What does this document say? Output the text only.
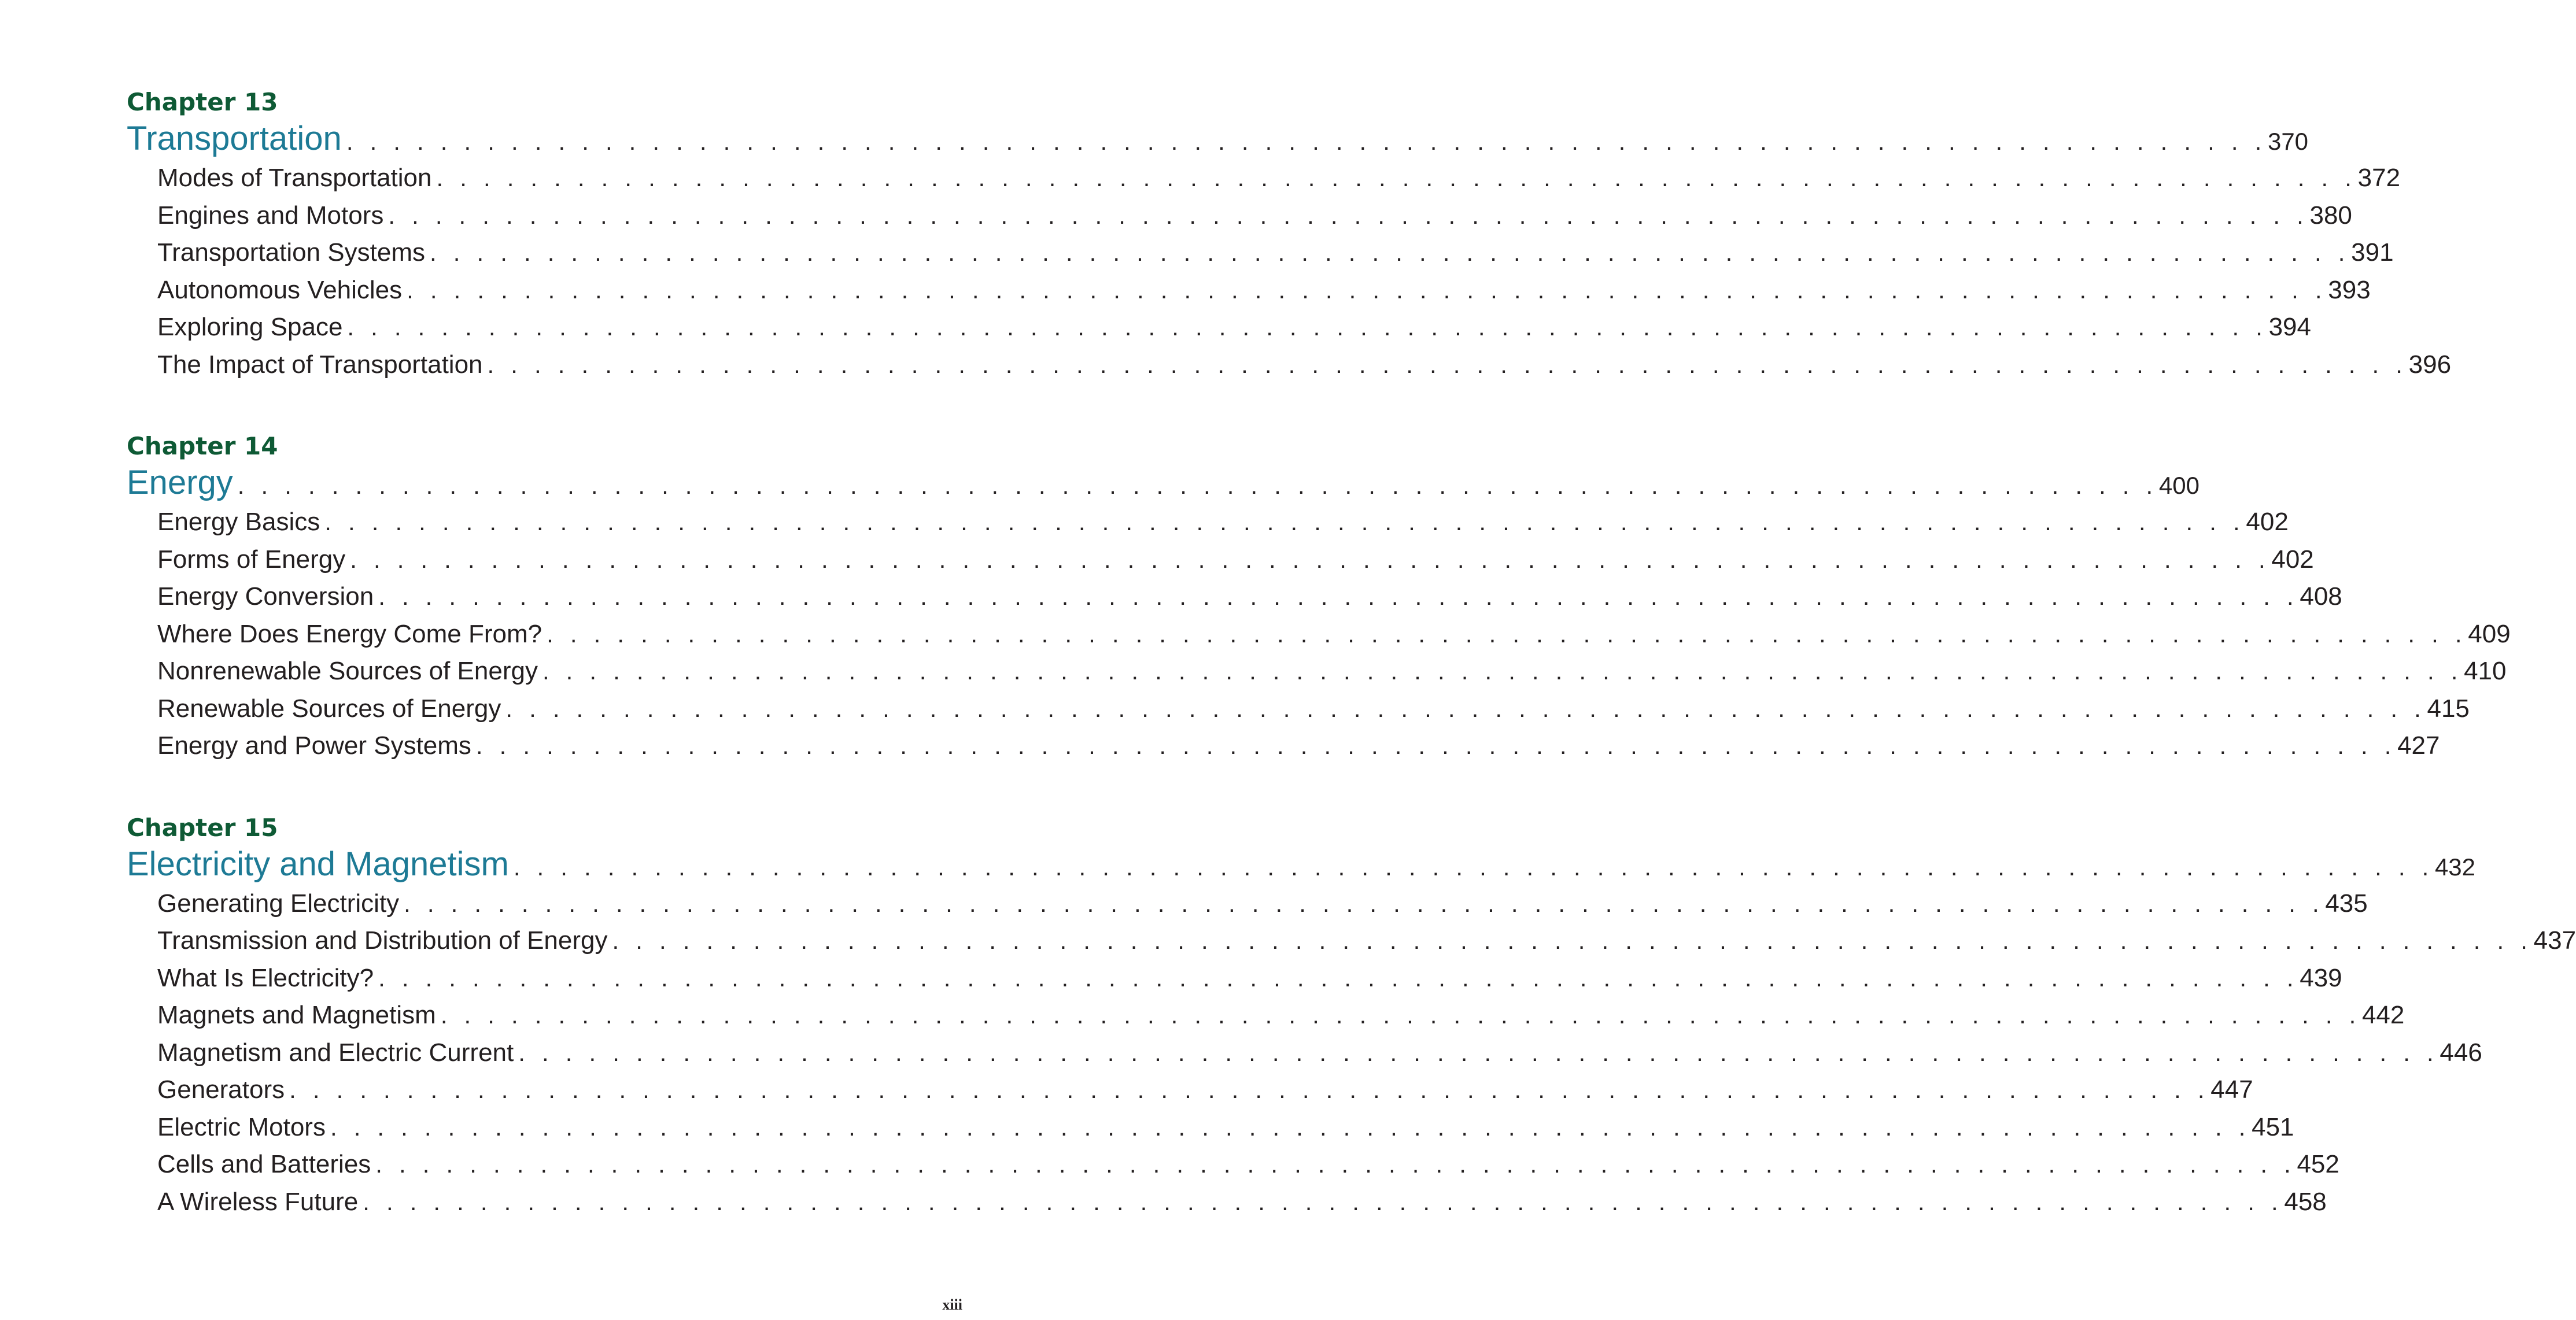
Chapter 13
Transportation . . . . . . . . . . . . . . . . . . . . . . . . . . . . . . . . . . . . . . . . . . . . . . . . . . . . . . . . . . . . . . . . . . . . . . . . . . . . . . . . . . 370
Modes of Transportation . . . . . . . . . . . . . . . . . . . . . . . . . . . . . . . . . . . . . . . . . . . . . . . . . . . . . . . . . . . . . . . . . . . . . . . . . . . . . . . . . . 372
Engines and Motors . . . . . . . . . . . . . . . . . . . . . . . . . . . . . . . . . . . . . . . . . . . . . . . . . . . . . . . . . . . . . . . . . . . . . . . . . . . . . . . . . . 380
Transportation Systems . . . . . . . . . . . . . . . . . . . . . . . . . . . . . . . . . . . . . . . . . . . . . . . . . . . . . . . . . . . . . . . . . . . . . . . . . . . . . . . . . . 391
Autonomous Vehicles . . . . . . . . . . . . . . . . . . . . . . . . . . . . . . . . . . . . . . . . . . . . . . . . . . . . . . . . . . . . . . . . . . . . . . . . . . . . . . . . . . 393
Exploring Space . . . . . . . . . . . . . . . . . . . . . . . . . . . . . . . . . . . . . . . . . . . . . . . . . . . . . . . . . . . . . . . . . . . . . . . . . . . . . . . . . . 394
The Impact of Transportation . . . . . . . . . . . . . . . . . . . . . . . . . . . . . . . . . . . . . . . . . . . . . . . . . . . . . . . . . . . . . . . . . . . . . . . . . . . . . . . . . . 396
Chapter 14
Energy . . . . . . . . . . . . . . . . . . . . . . . . . . . . . . . . . . . . . . . . . . . . . . . . . . . . . . . . . . . . . . . . . . . . . . . . . . . . . . . . . . 400
Energy Basics . . . . . . . . . . . . . . . . . . . . . . . . . . . . . . . . . . . . . . . . . . . . . . . . . . . . . . . . . . . . . . . . . . . . . . . . . . . . . . . . . . 402
Forms of Energy . . . . . . . . . . . . . . . . . . . . . . . . . . . . . . . . . . . . . . . . . . . . . . . . . . . . . . . . . . . . . . . . . . . . . . . . . . . . . . . . . . 402
Energy Conversion . . . . . . . . . . . . . . . . . . . . . . . . . . . . . . . . . . . . . . . . . . . . . . . . . . . . . . . . . . . . . . . . . . . . . . . . . . . . . . . . . . 408
Where Does Energy Come From? . . . . . . . . . . . . . . . . . . . . . . . . . . . . . . . . . . . . . . . . . . . . . . . . . . . . . . . . . . . . . . . . . . . . . . . . . . . . . . . . . . 409
Nonrenewable Sources of Energy . . . . . . . . . . . . . . . . . . . . . . . . . . . . . . . . . . . . . . . . . . . . . . . . . . . . . . . . . . . . . . . . . . . . . . . . . . . . . . . . . . 410
Renewable Sources of Energy . . . . . . . . . . . . . . . . . . . . . . . . . . . . . . . . . . . . . . . . . . . . . . . . . . . . . . . . . . . . . . . . . . . . . . . . . . . . . . . . . . 415
Energy and Power Systems . . . . . . . . . . . . . . . . . . . . . . . . . . . . . . . . . . . . . . . . . . . . . . . . . . . . . . . . . . . . . . . . . . . . . . . . . . . . . . . . . . 427
Chapter 15
Electricity and Magnetism . . . . . . . . . . . . . . . . . . . . . . . . . . . . . . . . . . . . . . . . . . . . . . . . . . . . . . . . . . . . . . . . . . . . . . . . . . . . . . . . . . 432
Generating Electricity . . . . . . . . . . . . . . . . . . . . . . . . . . . . . . . . . . . . . . . . . . . . . . . . . . . . . . . . . . . . . . . . . . . . . . . . . . . . . . . . . . 435
Transmission and Distribution of Energy . . . . . . . . . . . . . . . . . . . . . . . . . . . . . . . . . . . . . . . . . . . . . . . . . . . . . . . . . . . . . . . . . . . . . . . . . . . . . . . . . . 437
What Is Electricity? . . . . . . . . . . . . . . . . . . . . . . . . . . . . . . . . . . . . . . . . . . . . . . . . . . . . . . . . . . . . . . . . . . . . . . . . . . . . . . . . . . 439
Magnets and Magnetism . . . . . . . . . . . . . . . . . . . . . . . . . . . . . . . . . . . . . . . . . . . . . . . . . . . . . . . . . . . . . . . . . . . . . . . . . . . . . . . . . . 442
Magnetism and Electric Current . . . . . . . . . . . . . . . . . . . . . . . . . . . . . . . . . . . . . . . . . . . . . . . . . . . . . . . . . . . . . . . . . . . . . . . . . . . . . . . . . . 446
Generators . . . . . . . . . . . . . . . . . . . . . . . . . . . . . . . . . . . . . . . . . . . . . . . . . . . . . . . . . . . . . . . . . . . . . . . . . . . . . . . . . . 447
Electric Motors . . . . . . . . . . . . . . . . . . . . . . . . . . . . . . . . . . . . . . . . . . . . . . . . . . . . . . . . . . . . . . . . . . . . . . . . . . . . . . . . . . 451
Cells and Batteries . . . . . . . . . . . . . . . . . . . . . . . . . . . . . . . . . . . . . . . . . . . . . . . . . . . . . . . . . . . . . . . . . . . . . . . . . . . . . . . . . . 452
A Wireless Future . . . . . . . . . . . . . . . . . . . . . . . . . . . . . . . . . . . . . . . . . . . . . . . . . . . . . . . . . . . . . . . . . . . . . . . . . . . . . . . . . . 458
xiii
